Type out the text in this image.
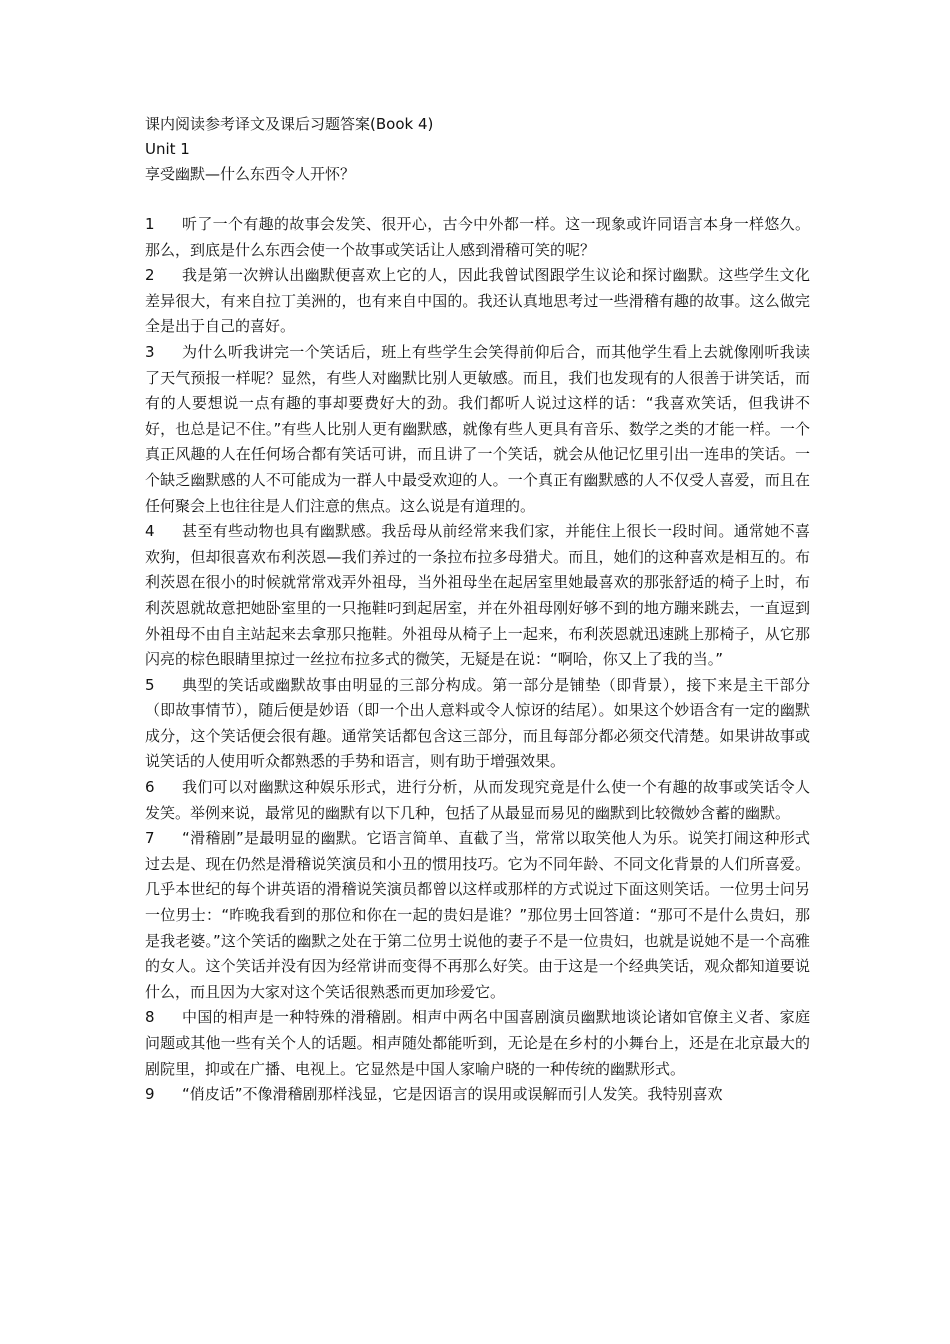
课内阅读参考译文及课后习题答案(Book 4)
Unit 1
享受幽默—什么东西令人开怀？

1	听了一个有趣的故事会发笑、很开心，古今中外都一样。这一现象或许同语言本身一样悠久。那么，到底是什么东西会使一个故事或笑话让人感到滑稽可笑的呢？

2	我是第一次辨认出幽默便喜欢上它的人，因此我曾试图跟学生议论和探讨幽默。这些学生文化差异很大，有来自拉丁美洲的，也有来自中国的。我还认真地思考过一些滑稽有趣的故事。这么做完全是出于自己的喜好。

3	为什么听我讲完一个笑话后，班上有些学生会笑得前仰后合，而其他学生看上去就像刚听我读了天气预报一样呢？显然，有些人对幽默比别人更敏感。而且，我们也发现有的人很善于讲笑话，而有的人要想说一点有趣的事却要费好大的劲。我们都听人说过这样的话：“我喜欢笑话，但我讲不好，也总是记不住。”有些人比别人更有幽默感，就像有些人更具有音乐、数学之类的才能一样。一个真正风趣的人在任何场合都有笑话可讲，而且讲了一个笑话，就会从他记忆里引出一连串的笑话。一个缺乏幽默感的人不可能成为一群人中最受欢迎的人。一个真正有幽默感的人不仅受人喜爱，而且在任何聚会上也往往是人们注意的焦点。这么说是有道理的。

4	甚至有些动物也具有幽默感。我岳母从前经常来我们家，并能住上很长一段时间。通常她不喜欢狗，但却很喜欢布利茨恩—我们养过的一条拉布拉多母猎犬。而且，她们的这种喜欢是相互的。布利茨恩在很小的时候就常常戏弄外祖母，当外祖母坐在起居室里她最喜欢的那张舒适的椅子上时，布利茨恩就故意把她卧室里的一只拖鞋叼到起居室，并在外祖母刚好够不到的地方蹦来跳去，一直逗到外祖母不由自主站起来去拿那只拖鞋。外祖母从椅子上一起来，布利茨恩就迅速跳上那椅子，从它那闪亮的棕色眼睛里掠过一丝拉布拉多式的微笑，无疑是在说：“啊哈，你又上了我的当。”

5	典型的笑话或幽默故事由明显的三部分构成。第一部分是铺垫（即背景），接下来是主干部分（即故事情节），随后便是妙语（即一个出人意料或令人惊讶的结尾）。如果这个妙语含有一定的幽默成分，这个笑话便会很有趣。通常笑话都包含这三部分，而且每部分都必须交代清楚。如果讲故事或说笑话的人使用听众都熟悉的手势和语言，则有助于增强效果。

6	我们可以对幽默这种娱乐形式，进行分析，从而发现究竟是什么使一个有趣的故事或笑话令人发笑。举例来说，最常见的幽默有以下几种，包括了从最显而易见的幽默到比较微妙含蓄的幽默。

7	“滑稽剧”是最明显的幽默。它语言简单、直截了当，常常以取笑他人为乐。说笑打闹这种形式过去是、现在仍然是滑稽说笑演员和小丑的惯用技巧。它为不同年龄、不同文化背景的人们所喜爱。几乎本世纪的每个讲英语的滑稽说笑演员都曾以这样或那样的方式说过下面这则笑话。一位男士问另一位男士：“昨晚我看到的那位和你在一起的贵妇是谁？”那位男士回答道：“那可不是什么贵妇，那是我老婆。”这个笑话的幽默之处在于第二位男士说他的妻子不是一位贵妇，也就是说她不是一个高雅的女人。这个笑话并没有因为经常讲而变得不再那么好笑。由于这是一个经典笑话，观众都知道要说什么，而且因为大家对这个笑话很熟悉而更加珍爱它。

8	中国的相声是一种特殊的滑稽剧。相声中两名中国喜剧演员幽默地谈论诸如官僚主义者、家庭问题或其他一些有关个人的话题。相声随处都能听到，无论是在乡村的小舞台上，还是在北京最大的剧院里，抑或在广播、电视上。它显然是中国人家喻户晓的一种传统的幽默形式。

9	“俏皮话”不像滑稽剧那样浅显，它是因语言的误用或误解而引人发笑。我特别喜欢
